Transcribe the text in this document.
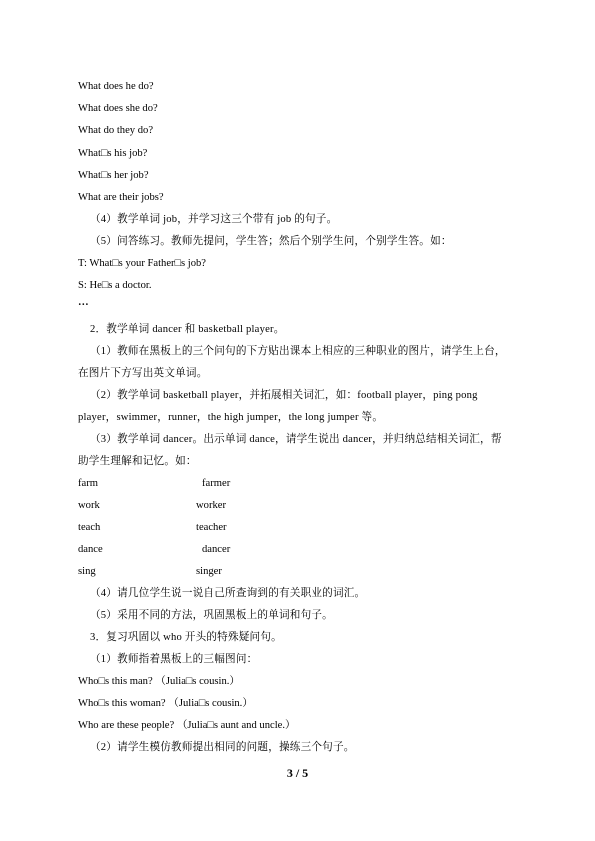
What does he do?
What does she do?
What do they do?
What□s his job?
What□s her job?
What are their jobs?
（4）教学单词 job，并学习这三个带有 job 的句子。
（5）问答练习。教师先提问，学生答；然后个别学生问，个别学生答。如：
T: What□s your Father□s job?
S: He□s a doctor.
…
2．教学单词 dancer 和 basketball player。
（1）教师在黑板上的三个问句的下方贴出课本上相应的三种职业的图片，请学生上台，
在图片下方写出英文单词。
（2）教学单词 basketball player，并拓展相关词汇，如：football player，ping pong
player，swimmer，runner，the high jumper，the long jumper 等。
（3）教学单词 dancer。出示单词 dance，请学生说出 dancer，并归纳总结相关词汇，帮
助学生理解和记忆。如：
farm	farmer
work	worker
teach	teacher
dance	dancer
sing	singer
（4）请几位学生说一说自己所查询到的有关职业的词汇。
（5）采用不同的方法，巩固黑板上的单词和句子。
3．复习巩固以 who 开头的特殊疑问句。
（1）教师指着黑板上的三幅图问：
Who□s this man? （Julia□s cousin.）
Who□s this woman? （Julia□s cousin.）
Who are these people? （Julia□s aunt and uncle.）
（2）请学生模仿教师提出相同的问题，操练三个句子。
3 / 5
